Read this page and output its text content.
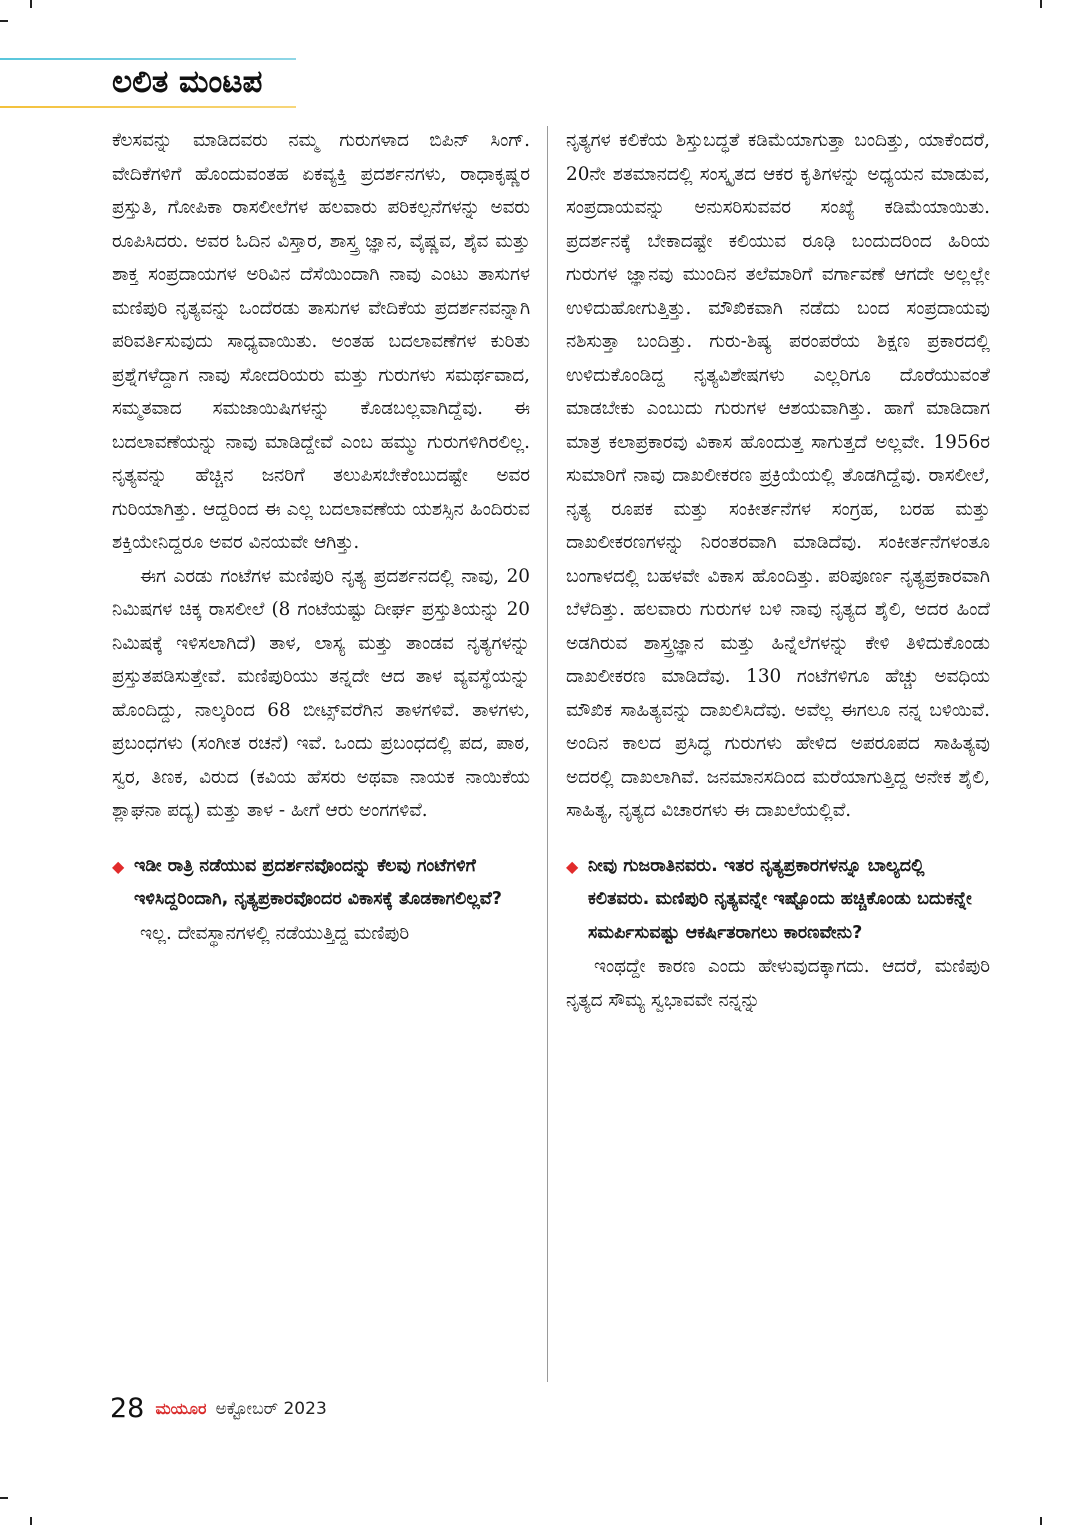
ಲಲಿತ ಮಂಟಪ

ಕೆಲಸವನ್ನು ಮಾಡಿದವರು ನಮ್ಮ ಗುರುಗಳಾದ ಬಿಪಿನ್ ಸಿಂಗ್. ವೇದಿಕೆಗಳಿಗೆ ಹೊಂದುವಂತಹ ಏಕವ್ಯಕ್ತಿ ಪ್ರದರ್ಶನಗಳು, ರಾಧಾಕೃಷ್ಣರ ಪ್ರಸ್ತುತಿ, ಗೋಪಿಕಾ ರಾಸಲೀಲೆಗಳ ಹಲವಾರು ಪರಿಕಲ್ಪನೆಗಳನ್ನು ಅವರು ರೂಪಿಸಿದರು. ಅವರ ಓದಿನ ವಿಸ್ತಾರ, ಶಾಸ್ತ್ರ ಜ್ಞಾನ, ವೈಷ್ಣವ, ಶೈವ ಮತ್ತು ಶಾಕ್ತ ಸಂಪ್ರದಾಯಗಳ ಅರಿವಿನ ದೆಸೆಯಿಂದಾಗಿ ನಾವು ಎಂಟು ತಾಸುಗಳ ಮಣಿಪುರಿ ನೃತ್ಯವನ್ನು ಒಂದೆರಡು ತಾಸುಗಳ ವೇದಿಕೆಯ ಪ್ರದರ್ಶನವನ್ನಾಗಿ ಪರಿವರ್ತಿಸುವುದು ಸಾಧ್ಯವಾಯಿತು. ಅಂತಹ ಬದಲಾವಣೆಗಳ ಕುರಿತು ಪ್ರಶ್ನೆಗಳೆದ್ದಾಗ ನಾವು ಸೋದರಿಯರು ಮತ್ತು ಗುರುಗಳು ಸಮರ್ಥವಾದ, ಸಮ್ಮತವಾದ ಸಮಜಾಯಿಷಿಗಳನ್ನು ಕೊಡಬಲ್ಲವಾಗಿದ್ದೆವು. ಈ ಬದಲಾವಣೆಯನ್ನು ನಾವು ಮಾಡಿದ್ದೇವೆ ಎಂಬ ಹಮ್ಮು ಗುರುಗಳಿಗಿರಲಿಲ್ಲ. ನೃತ್ಯವನ್ನು ಹೆಚ್ಚಿನ ಜನರಿಗೆ ತಲುಪಿಸಬೇಕೆಂಬುದಷ್ಟೇ ಅವರ ಗುರಿಯಾಗಿತ್ತು. ಆದ್ದರಿಂದ ಈ ಎಲ್ಲ ಬದಲಾವಣೆಯ ಯಶಸ್ಸಿನ ಹಿಂದಿರುವ ಶಕ್ತಿಯೇನಿದ್ದರೂ ಅವರ ವಿನಯವೇ ಆಗಿತ್ತು.

ಈಗ ಎರಡು ಗಂಟೆಗಳ ಮಣಿಪುರಿ ನೃತ್ಯ ಪ್ರದರ್ಶನದಲ್ಲಿ ನಾವು, 20 ನಿಮಿಷಗಳ ಚಿಕ್ಕ ರಾಸಲೀಲೆ (8 ಗಂಟೆಯಷ್ಟು ದೀರ್ಘ ಪ್ರಸ್ತುತಿಯನ್ನು 20 ನಿಮಿಷಕ್ಕೆ ಇಳಿಸಲಾಗಿದೆ) ತಾಳ, ಲಾಸ್ಯ ಮತ್ತು ತಾಂಡವ ನೃತ್ಯಗಳನ್ನು ಪ್ರಸ್ತುತಪಡಿಸುತ್ತೇವೆ. ಮಣಿಪುರಿಯು ತನ್ನದೇ ಆದ ತಾಳ ವ್ಯವಸ್ಥೆಯನ್ನು ಹೊಂದಿದ್ದು, ನಾಲ್ಕರಿಂದ 68 ಬೀಟ್ಸ್‌ವರೆಗಿನ ತಾಳಗಳಿವೆ. ತಾಳಗಳು, ಪ್ರಬಂಧಗಳು (ಸಂಗೀತ ರಚನೆ) ಇವೆ. ಒಂದು ಪ್ರಬಂಧದಲ್ಲಿ ಪದ, ಪಾಠ, ಸ್ವರ, ತಿಣಕ, ವಿರುದ (ಕವಿಯ ಹೆಸರು ಅಥವಾ ನಾಯಕ ನಾಯಿಕೆಯ ಶ್ಲಾಘನಾ ಪದ್ಯ) ಮತ್ತು ತಾಳ - ಹೀಗೆ ಆರು ಅಂಗಗಳಿವೆ.

◆ ಇಡೀ ರಾತ್ರಿ ನಡೆಯುವ ಪ್ರದರ್ಶನವೊಂದನ್ನು ಕೆಲವು ಗಂಟೆಗಳಿಗೆ ಇಳಿಸಿದ್ದರಿಂದಾಗಿ, ನೃತ್ಯಪ್ರಕಾರವೊಂದರ ವಿಕಾಸಕ್ಕೆ ತೊಡಕಾಗಲಿಲ್ಲವೆ?

ಇಲ್ಲ. ದೇವಸ್ಥಾನಗಳಲ್ಲಿ ನಡೆಯುತ್ತಿದ್ದ ಮಣಿಪುರಿ

ನೃತ್ಯಗಳ ಕಲಿಕೆಯ ಶಿಸ್ತುಬದ್ಧತೆ ಕಡಿಮೆಯಾಗುತ್ತಾ ಬಂದಿತ್ತು, ಯಾಕೆಂದರೆ, 20ನೇ ಶತಮಾನದಲ್ಲಿ ಸಂಸ್ಕೃತದ ಆಕರ ಕೃತಿಗಳನ್ನು ಅಧ್ಯಯನ ಮಾಡುವ, ಸಂಪ್ರದಾಯವನ್ನು ಅನುಸರಿಸುವವರ ಸಂಖ್ಯೆ ಕಡಿಮೆಯಾಯಿತು. ಪ್ರದರ್ಶನಕ್ಕೆ ಬೇಕಾದಷ್ಟೇ ಕಲಿಯುವ ರೂಢಿ ಬಂದುದರಿಂದ ಹಿರಿಯ ಗುರುಗಳ ಜ್ಞಾನವು ಮುಂದಿನ ತಲೆಮಾರಿಗೆ ವರ್ಗಾವಣೆ ಆಗದೇ ಅಲ್ಲಲ್ಲೇ ಉಳಿದುಹೋಗುತ್ತಿತ್ತು. ಮೌಖಿಕವಾಗಿ ನಡೆದು ಬಂದ ಸಂಪ್ರದಾಯವು ನಶಿಸುತ್ತಾ ಬಂದಿತ್ತು. ಗುರು-ಶಿಷ್ಯ ಪರಂಪರೆಯ ಶಿಕ್ಷಣ ಪ್ರಕಾರದಲ್ಲಿ ಉಳಿದುಕೊಂಡಿದ್ದ ನೃತ್ಯವಿಶೇಷಗಳು ಎಲ್ಲರಿಗೂ ದೊರೆಯುವಂತೆ ಮಾಡಬೇಕು ಎಂಬುದು ಗುರುಗಳ ಆಶಯವಾಗಿತ್ತು. ಹಾಗೆ ಮಾಡಿದಾಗ ಮಾತ್ರ ಕಲಾಪ್ರಕಾರವು ವಿಕಾಸ ಹೊಂದುತ್ತ ಸಾಗುತ್ತದೆ ಅಲ್ಲವೇ. 1956ರ ಸುಮಾರಿಗೆ ನಾವು ದಾಖಲೀಕರಣ ಪ್ರಕ್ರಿಯೆಯಲ್ಲಿ ತೊಡಗಿದ್ದೆವು. ರಾಸಲೀಲೆ, ನೃತ್ಯ ರೂಪಕ ಮತ್ತು ಸಂಕೀರ್ತನೆಗಳ ಸಂಗ್ರಹ, ಬರಹ ಮತ್ತು ದಾಖಲೀಕರಣಗಳನ್ನು ನಿರಂತರವಾಗಿ ಮಾಡಿದೆವು. ಸಂಕೀರ್ತನೆಗಳಂತೂ ಬಂಗಾಳದಲ್ಲಿ ಬಹಳವೇ ವಿಕಾಸ ಹೊಂದಿತ್ತು. ಪರಿಪೂರ್ಣ ನೃತ್ಯಪ್ರಕಾರವಾಗಿ ಬೆಳೆದಿತ್ತು. ಹಲವಾರು ಗುರುಗಳ ಬಳಿ ನಾವು ನೃತ್ಯದ ಶೈಲಿ, ಅದರ ಹಿಂದೆ ಅಡಗಿರುವ ಶಾಸ್ತ್ರಜ್ಞಾನ ಮತ್ತು ಹಿನ್ನೆಲೆಗಳನ್ನು ಕೇಳಿ ತಿಳಿದುಕೊಂಡು ದಾಖಲೀಕರಣ ಮಾಡಿದೆವು. 130 ಗಂಟೆಗಳಿಗೂ ಹೆಚ್ಚು ಅವಧಿಯ ಮೌಖಿಕ ಸಾಹಿತ್ಯವನ್ನು ದಾಖಲಿಸಿದೆವು. ಅವೆಲ್ಲ ಈಗಲೂ ನನ್ನ ಬಳಿಯಿವೆ. ಅಂದಿನ ಕಾಲದ ಪ್ರಸಿದ್ಧ ಗುರುಗಳು ಹೇಳಿದ ಅಪರೂಪದ ಸಾಹಿತ್ಯವು ಅದರಲ್ಲಿ ದಾಖಲಾಗಿವೆ. ಜನಮಾನಸದಿಂದ ಮರೆಯಾಗುತ್ತಿದ್ದ ಅನೇಕ ಶೈಲಿ, ಸಾಹಿತ್ಯ, ನೃತ್ಯದ ವಿಚಾರಗಳು ಈ ದಾಖಲೆಯಲ್ಲಿವೆ.

◆ ನೀವು ಗುಜರಾತಿನವರು. ಇತರ ನೃತ್ಯಪ್ರಕಾರಗಳನ್ನೂ ಬಾಲ್ಯದಲ್ಲಿ ಕಲಿತವರು. ಮಣಿಪುರಿ ನೃತ್ಯವನ್ನೇ ಇಷ್ಟೊಂದು ಹಚ್ಚಿಕೊಂಡು ಬದುಕನ್ನೇ ಸಮರ್ಪಿಸುವಷ್ಟು ಆಕರ್ಷಿತರಾಗಲು ಕಾರಣವೇನು?

ಇಂಥದ್ದೇ ಕಾರಣ ಎಂದು ಹೇಳುವುದಕ್ಕಾಗದು. ಆದರೆ, ಮಣಿಪುರಿ ನೃತ್ಯದ ಸೌಮ್ಯ ಸ್ವಭಾವವೇ ನನ್ನನ್ನು

28 ಮಯೂರ ಅಕ್ಟೋಬರ್ 2023
